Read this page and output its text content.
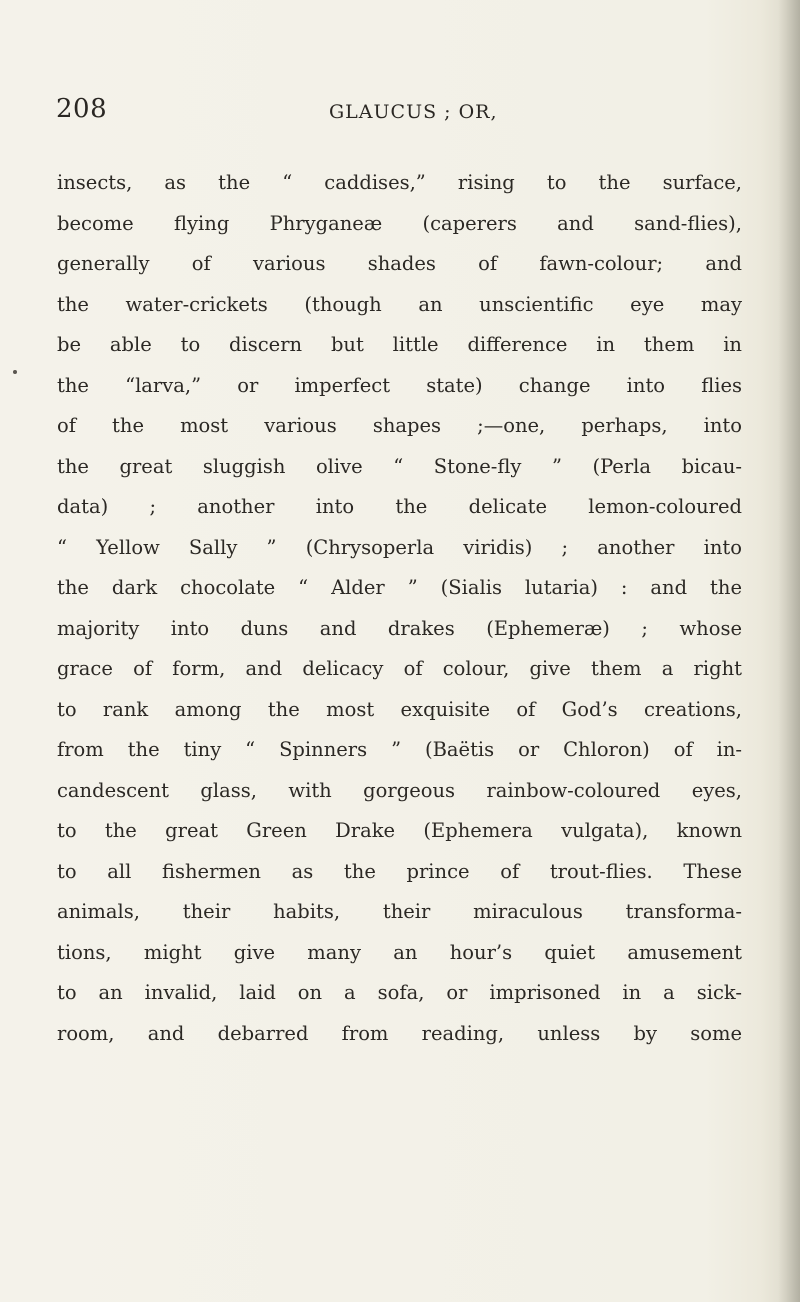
208	GLAUCUS ; OR,
insects, as the “ caddises,” rising to the surface,
become flying Phryganeæ (caperers and sand-flies),
generally of various shades of fawn-colour; and
the water-crickets (though an unscientific eye may
be able to discern but little difference in them in
the “larva,” or imperfect state) change into flies
of the most various shapes ;—one, perhaps, into
the great sluggish olive “ Stone-fly ” (Perla bicau-
data) ; another into the delicate lemon-coloured
“ Yellow Sally ” (Chrysoperla viridis) ; another into
the dark chocolate “ Alder ” (Sialis lutaria) : and the
majority into duns and drakes (Ephemeræ) ; whose
grace of form, and delicacy of colour, give them a right
to rank among the most exquisite of God’s creations,
from the tiny “ Spinners ” (Baëtis or Chloron) of in-
candescent glass, with gorgeous rainbow-coloured eyes,
to the great Green Drake (Ephemera vulgata), known
to all fishermen as the prince of trout-flies. These
animals, their habits, their miraculous transforma-
tions, might give many an hour’s quiet amusement
to an invalid, laid on a sofa, or imprisoned in a sick-
room, and debarred from reading, unless by some
